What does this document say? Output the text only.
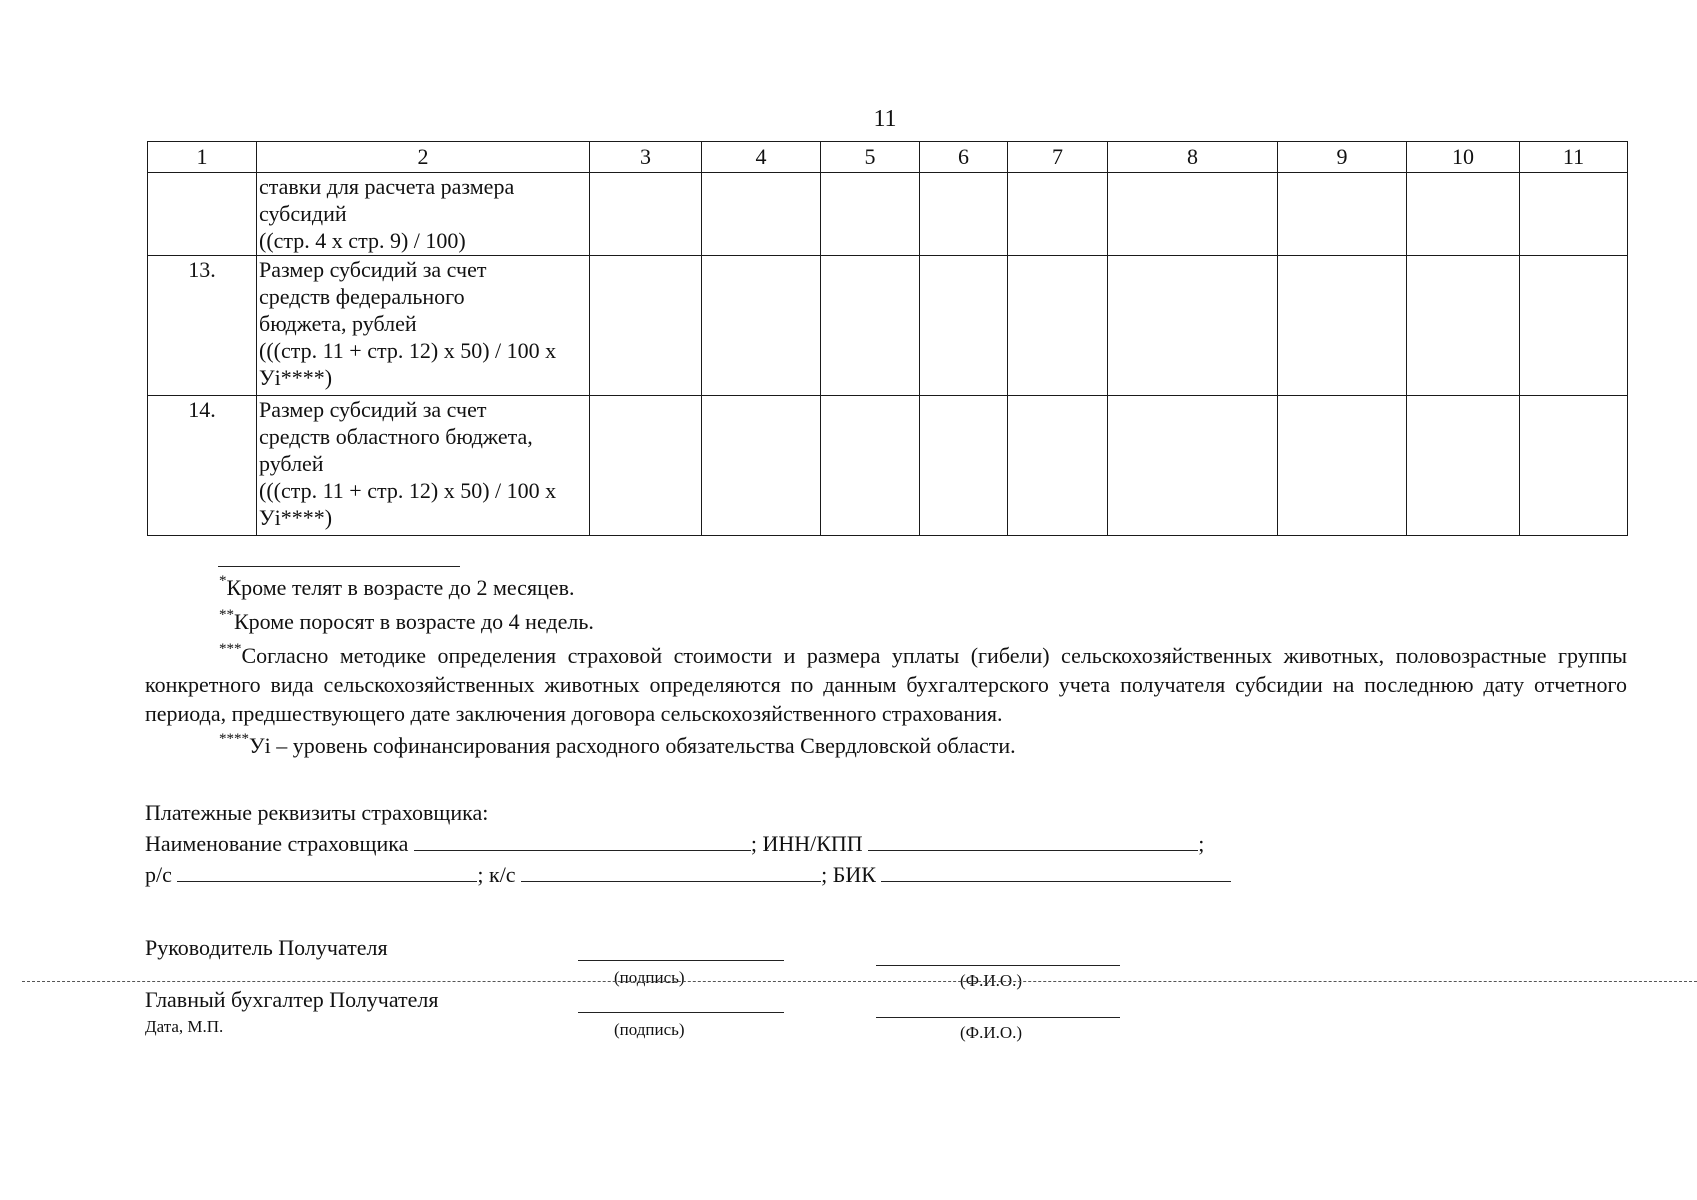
11
1	2	3	4	5	6	7	8	9	10	11
	ставки для расчета размера
субсидий
((стр. 4 х стр. 9) / 100)									
13.	Размер субсидий за счет
средств федерального
бюджета, рублей
(((стр. 11 + стр. 12) х 50) / 100 х
Уi****)									
14.	Размер субсидий за счет
средств областного бюджета,
рублей
(((стр. 11 + стр. 12) х 50) / 100 х
Уi****)									
*Кроме телят в возрасте до 2 месяцев.
**Кроме поросят в возрасте до 4 недель.
***Согласно методике определения страховой стоимости и размера уплаты (гибели) сельскохозяйственных животных, половозрастные группы конкретного вида сельскохозяйственных животных определяются по данным бухгалтерского учета получателя субсидии на последнюю дату отчетного периода, предшествующего дате заключения договора сельскохозяйственного страхования.
****Уi – уровень софинансирования расходного обязательства Свердловской области.
Платежные реквизиты страховщика:
Наименование страховщика	; ИНН/КПП	;
р/с	; к/с	; БИК
Руководитель Получателя
(подпись)	(Ф.И.О.)
Главный бухгалтер Получателя
(подпись)	(Ф.И.О.)
Дата, М.П.
